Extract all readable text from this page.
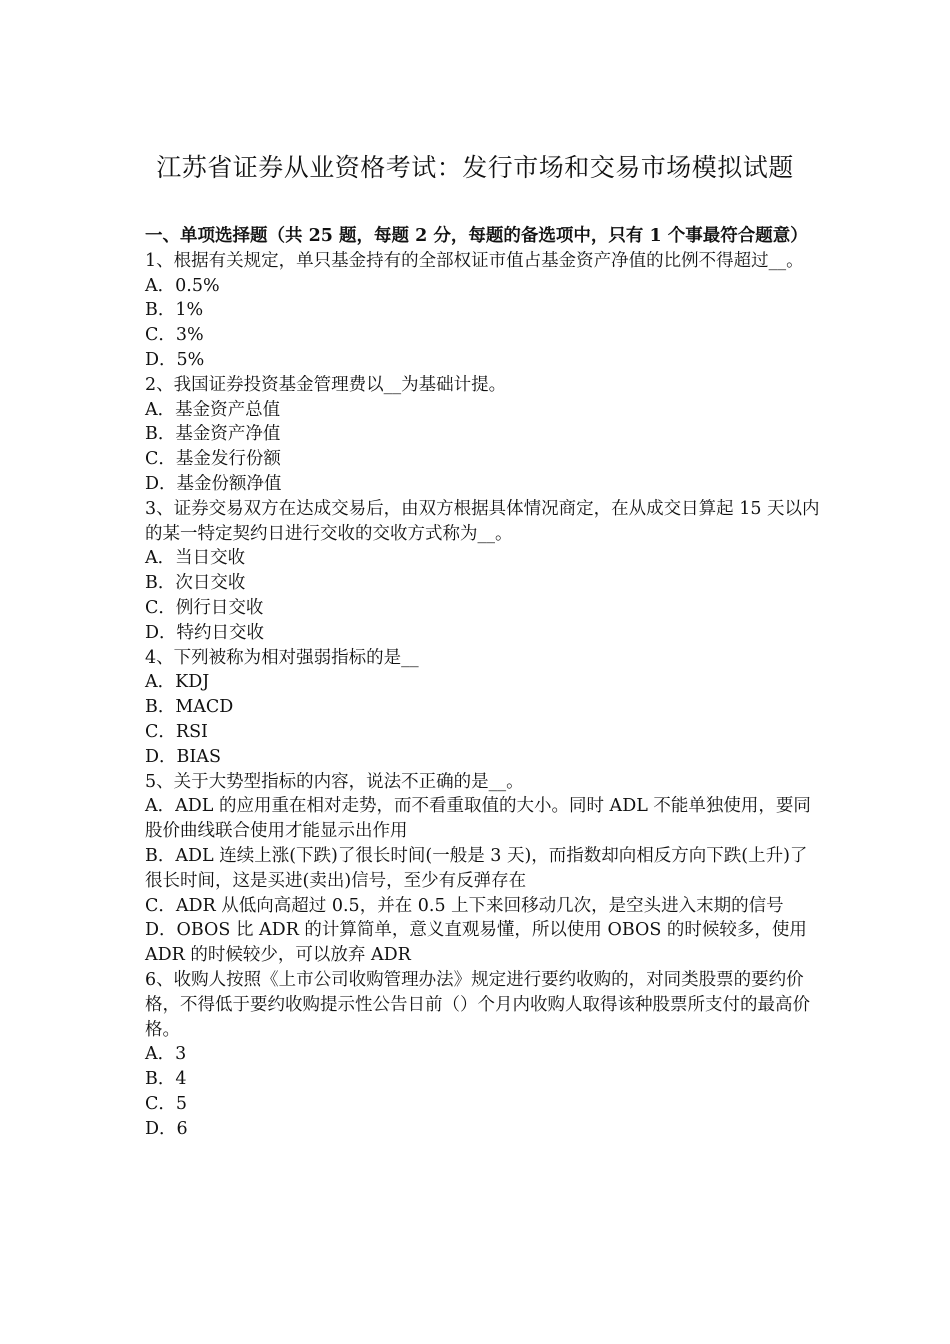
江苏省证券从业资格考试：发行市场和交易市场模拟试题

一、单项选择题（共 25 题，每题 2 分，每题的备选项中，只有 1 个事最符合题意）

1、根据有关规定，单只基金持有的全部权证市值占基金资产净值的比例不得超过__。

A．0.5%
B．1%
C．3%
D．5%

2、我国证券投资基金管理费以__为基础计提。

A．基金资产总值
B．基金资产净值
C．基金发行份额
D．基金份额净值

3、证券交易双方在达成交易后，由双方根据具体情况商定，在从成交日算起 15 天以内的某一特定契约日进行交收的交收方式称为__。

A．当日交收
B．次日交收
C．例行日交收
D．特约日交收

4、下列被称为相对强弱指标的是__

A．KDJ
B．MACD
C．RSI
D．BIAS

5、关于大势型指标的内容，说法不正确的是__。

A．ADL 的应用重在相对走势，而不看重取值的大小。同时 ADL 不能单独使用，要同股价曲线联合使用才能显示出作用
B．ADL 连续上涨(下跌)了很长时间(一般是 3 天)，而指数却向相反方向下跌(上升)了很长时间，这是买进(卖出)信号，至少有反弹存在
C．ADR 从低向高超过 0.5，并在 0.5 上下来回移动几次，是空头进入末期的信号
D．OBOS 比 ADR 的计算简单，意义直观易懂，所以使用 OBOS 的时候较多，使用 ADR 的时候较少，可以放弃 ADR

6、收购人按照《上市公司收购管理办法》规定进行要约收购的，对同类股票的要约价格，不得低于要约收购提示性公告日前（）个月内收购人取得该种股票所支付的最高价格。

A．3
B．4
C．5
D．6
